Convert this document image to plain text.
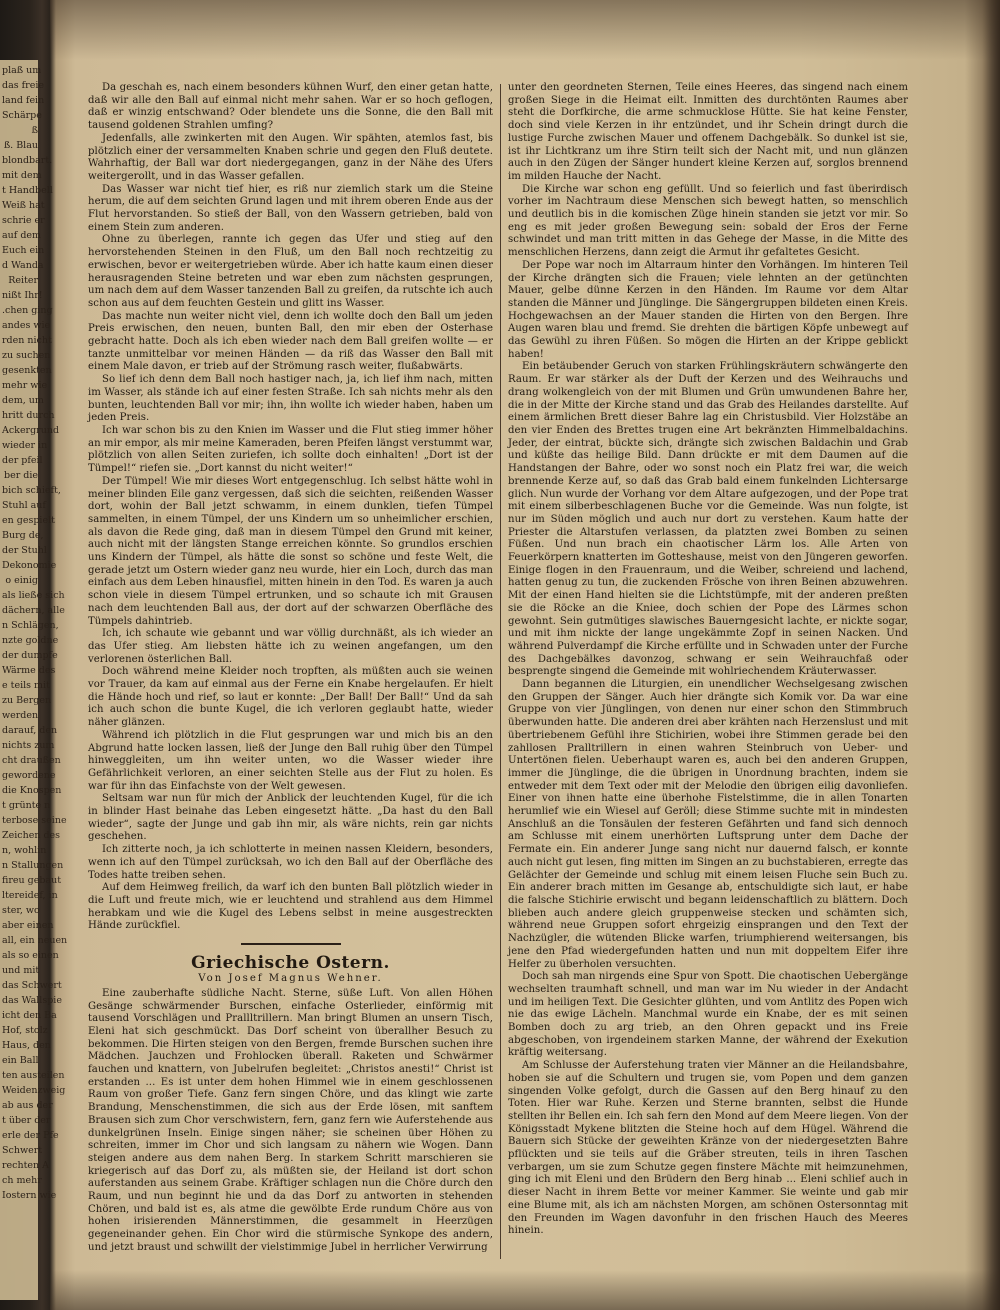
plaß um
das freie
land fein
Schärpe
ß
ß. Blau
blondbart.
mit dem
t Handbell
Weiß hat
schrie er
auf dem
Euch ein
d Wanda
Reiter
nißt Ihr!
.chen ging
andes wie
rden nicht
zu suchen
gesenkten
mehr wie
dem, um
hritt durch
Ackergrund
wieder in
der pfeil
ber die
bich schieft,
Stuhl auf
en gespielt
Burg de,
der Stuhl
Dekonomie
o einig
als ließe sich
dächern, alle
n Schlägen,
nzte goldne
der dumpfe
Wärme des
e teils mit
zu Bergen
werden
darauf, den
nichts zum
cht draußen
gewordene
die Knospen
t grünte n
terbose seine
Zeichen des
n, wohlin
n Stallungen
fireu gebaut
ltereidef, in
ster, wo
aber einen
all, ein neuen
als so einen
und mit
das Schwert
das Wallspie
icht den Ba
Hof, stolz
Haus, den
ein Ball
ten austeilen
Weidenzweig
ab aus der
t über der
erle der Pfe
Schwert
rechten A
ch mehr
Iostern wie

Da geschah es, nach einem besonders kühnen Wurf, den einer getan hatte, daß wir alle den Ball auf einmal nicht mehr sahen. War er so hoch geflogen, daß er winzig entschwand? Oder blendete uns die Sonne, die den Ball mit tausend goldenen Strahlen umfing?

Jedenfalls, alle zwinkerten mit den Augen. Wir spähten, atemlos fast, bis plötzlich einer der versammelten Knaben schrie und gegen den Fluß deutete. Wahrhaftig, der Ball war dort niedergegangen, ganz in der Nähe des Ufers weitergerollt, und in das Wasser gefallen.

Das Wasser war nicht tief hier, es riß nur ziemlich stark um die Steine herum, die auf dem seichten Grund lagen und mit ihrem oberen Ende aus der Flut hervorstanden. So stieß der Ball, von den Wassern getrieben, bald von einem Stein zum anderen.

Ohne zu überlegen, rannte ich gegen das Ufer und stieg auf den hervorstehenden Steinen in den Fluß, um den Ball noch rechtzeitig zu erwischen, bevor er weitergetrieben würde. Aber ich hatte kaum einen dieser herausragenden Steine betreten und war eben zum nächsten gesprungen, um nach dem auf dem Wasser tanzenden Ball zu greifen, da rutschte ich auch schon aus auf dem feuchten Gestein und glitt ins Wasser.

Das machte nun weiter nicht viel, denn ich wollte doch den Ball um jeden Preis erwischen, den neuen, bunten Ball, den mir eben der Osterhase gebracht hatte. Doch als ich eben wieder nach dem Ball greifen wollte — er tanzte unmittelbar vor meinen Händen — da riß das Wasser den Ball mit einem Male davon, er trieb auf der Strömung rasch weiter, flußabwärts.

So lief ich denn dem Ball noch hastiger nach, ja, ich lief ihm nach, mitten im Wasser, als stände ich auf einer festen Straße. Ich sah nichts mehr als den bunten, leuchtenden Ball vor mir; ihn, ihn wollte ich wieder haben, haben um jeden Preis.

Ich war schon bis zu den Knien im Wasser und die Flut stieg immer höher an mir empor, als mir meine Kameraden, beren Pfeifen längst verstummt war, plötzlich von allen Seiten zuriefen, ich sollte doch einhalten! „Dort ist der Tümpel!“ riefen sie. „Dort kannst du nicht weiter!“

Der Tümpel! Wie mir dieses Wort entgegenschlug. Ich selbst hätte wohl in meiner blinden Eile ganz vergessen, daß sich die seichten, reißenden Wasser dort, wohin der Ball jetzt schwamm, in einem dunklen, tiefen Tümpel sammelten, in einem Tümpel, der uns Kindern um so unheimlicher erschien, als davon die Rede ging, daß man in diesem Tümpel den Grund mit keiner, auch nicht mit der längsten Stange erreichen könnte. So grundlos erschien uns Kindern der Tümpel, als hätte die sonst so schöne und feste Welt, die gerade jetzt um Ostern wieder ganz neu wurde, hier ein Loch, durch das man einfach aus dem Leben hinausfiel, mitten hinein in den Tod. Es waren ja auch schon viele in diesem Tümpel ertrunken, und so schaute ich mit Grausen nach dem leuchtenden Ball aus, der dort auf der schwarzen Oberfläche des Tümpels dahintrieb.

Ich, ich schaute wie gebannt und war völlig durchnäßt, als ich wieder an das Ufer stieg. Am liebsten hätte ich zu weinen angefangen, um den verlorenen österlichen Ball.

Doch während meine Kleider noch tropften, als müßten auch sie weinen vor Trauer, da kam auf einmal aus der Ferne ein Knabe hergelaufen. Er hielt die Hände hoch und rief, so laut er konnte: „Der Ball! Der Ball!“ Und da sah ich auch schon die bunte Kugel, die ich verloren geglaubt hatte, wieder näher glänzen.

Während ich plötzlich in die Flut gesprungen war und mich bis an den Abgrund hatte locken lassen, ließ der Junge den Ball ruhig über den Tümpel hinweggleiten, um ihn weiter unten, wo die Wasser wieder ihre Gefährlichkeit verloren, an einer seichten Stelle aus der Flut zu holen. Es war für ihn das Einfachste von der Welt gewesen.

Seltsam war nun für mich der Anblick der leuchtenden Kugel, für die ich in blinder Hast beinahe das Leben eingesetzt hätte. „Da hast du den Ball wieder“, sagte der Junge und gab ihn mir, als wäre nichts, rein gar nichts geschehen.

Ich zitterte noch, ja ich schlotterte in meinen nassen Kleidern, besonders, wenn ich auf den Tümpel zurücksah, wo ich den Ball auf der Oberfläche des Todes hatte treiben sehen.

Auf dem Heimweg freilich, da warf ich den bunten Ball plötzlich wieder in die Luft und freute mich, wie er leuchtend und strahlend aus dem Himmel herabkam und wie die Kugel des Lebens selbst in meine ausgestreckten Hände zurückfiel.

Griechische Ostern.

Von Josef Magnus Wehner.

Eine zauberhafte südliche Nacht. Sterne, süße Luft. Von allen Höhen Gesänge schwärmender Burschen, einfache Osterlieder, einförmig mit tausend Vorschlägen und Prallltrillern. Man bringt Blumen an unsern Tisch, Eleni hat sich geschmückt. Das Dorf scheint von überallher Besuch zu bekommen. Die Hirten steigen von den Bergen, fremde Burschen suchen ihre Mädchen. Jauchzen und Frohlocken überall. Raketen und Schwärmer fauchen und knattern, von Jubelrufen begleitet: „Christos anesti!“ Christ ist erstanden ... Es ist unter dem hohen Himmel wie in einem geschlossenen Raum von großer Tiefe. Ganz fern singen Chöre, und das klingt wie zarte Brandung, Menschenstimmen, die sich aus der Erde lösen, mit sanftem Brausen sich zum Chor verschwistern, fern, ganz fern wie Auferstehende aus dunkelgrünen Inseln. Einige singen näher; sie scheinen über Höhen zu schreiten, immer im Chor und sich langsam zu nähern wie Wogen. Dann steigen andere aus dem nahen Berg. In starkem Schritt marschieren sie kriegerisch auf das Dorf zu, als müßten sie, der Heiland ist dort schon auferstanden aus seinem Grabe. Kräftiger schlagen nun die Chöre durch den Raum, und nun beginnt hie und da das Dorf zu antworten in stehenden Chören, und bald ist es, als atme die gewölbte Erde rundum Chöre aus von hohen irisierenden Männerstimmen, die gesammelt in Heerzügen gegeneinander gehen. Ein Chor wird die stürmische Synkope des andern, und jetzt braust und schwillt der vielstimmige Jubel in herrlicher Verwirrung

unter den geordneten Sternen, Teile eines Heeres, das singend nach einem großen Siege in die Heimat eilt. Inmitten des durchtönten Raumes aber steht die Dorfkirche, die arme schmucklose Hütte. Sie hat keine Fenster, doch sind viele Kerzen in ihr entzündet, und ihr Schein dringt durch die lustige Furche zwischen Mauer und offenem Dachgebälk. So dunkel ist sie, ist ihr Lichtkranz um ihre Stirn teilt sich der Nacht mit, und nun glänzen auch in den Zügen der Sänger hundert kleine Kerzen auf, sorglos brennend im milden Hauche der Nacht.

Die Kirche war schon eng gefüllt. Und so feierlich und fast überirdisch vorher im Nachtraum diese Menschen sich bewegt hatten, so menschlich und deutlich bis in die komischen Züge hinein standen sie jetzt vor mir. So eng es mit jeder großen Bewegung sein: sobald der Eros der Ferne schwindet und man tritt mitten in das Gehege der Masse, in die Mitte des menschlichen Herzens, dann zeigt die Armut ihr gefaltetes Gesicht.

Der Pope war noch im Altarraum hinter den Vorhängen. Im hinteren Teil der Kirche drängten sich die Frauen; viele lehnten an der getünchten Mauer, gelbe dünne Kerzen in den Händen. Im Raume vor dem Altar standen die Männer und Jünglinge. Die Sängergruppen bildeten einen Kreis. Hochgewachsen an der Mauer standen die Hirten von den Bergen. Ihre Augen waren blau und fremd. Sie drehten die bärtigen Köpfe unbewegt auf das Gewühl zu ihren Füßen. So mögen die Hirten an der Krippe geblickt haben!

Ein betäubender Geruch von starken Frühlingskräutern schwängerte den Raum. Er war stärker als der Duft der Kerzen und des Weihrauchs und drang wolkengleich von der mit Blumen und Grün umwundenen Bahre her, die in der Mitte der Kirche stand und das Grab des Heilandes darstellte. Auf einem ärmlichen Brett dieser Bahre lag ein Christusbild. Vier Holzstäbe an den vier Enden des Brettes trugen eine Art bekränzten Himmelbaldachins. Jeder, der eintrat, bückte sich, drängte sich zwischen Baldachin und Grab und küßte das heilige Bild. Dann drückte er mit dem Daumen auf die Handstangen der Bahre, oder wo sonst noch ein Platz frei war, die weich brennende Kerze auf, so daß das Grab bald einem funkelnden Lichtersarge glich. Nun wurde der Vorhang vor dem Altare aufgezogen, und der Pope trat mit einem silberbeschlagenen Buche vor die Gemeinde. Was nun folgte, ist nur im Süden möglich und auch nur dort zu verstehen. Kaum hatte der Priester die Altarstufen verlassen, da platzten zwei Bomben zu seinen Füßen. Und nun brach ein chaotischer Lärm los. Alle Arten von Feuerkörpern knatterten im Gotteshause, meist von den Jüngeren geworfen. Einige flogen in den Frauenraum, und die Weiber, schreiend und lachend, hatten genug zu tun, die zuckenden Frösche von ihren Beinen abzuwehren. Mit der einen Hand hielten sie die Lichtstümpfe, mit der anderen preßten sie die Röcke an die Kniee, doch schien der Pope des Lärmes schon gewohnt. Sein gutmütiges slawisches Bauerngesicht lachte, er nickte sogar, und mit ihm nickte der lange ungekämmte Zopf in seinen Nacken. Und während Pulverdampf die Kirche erfüllte und in Schwaden unter der Furche des Dachgebälkes davonzog, schwang er sein Weihrauchfaß oder besprengte singend die Gemeinde mit wohlriechendem Kräuterwasser.

Dann begannen die Liturgien, ein unendlicher Wechselgesang zwischen den Gruppen der Sänger. Auch hier drängte sich Komik vor. Da war eine Gruppe von vier Jünglingen, von denen nur einer schon den Stimmbruch überwunden hatte. Die anderen drei aber krähten nach Herzenslust und mit übertriebenem Gefühl ihre Stichirien, wobei ihre Stimmen gerade bei den zahllosen Pralltrillern in einen wahren Steinbruch von Ueber- und Untertönen fielen. Ueberhaupt waren es, auch bei den anderen Gruppen, immer die Jünglinge, die die übrigen in Unordnung brachten, indem sie entweder mit dem Text oder mit der Melodie den übrigen eilig davonliefen. Einer von ihnen hatte eine überhohe Fistelstimme, die in allen Tonarten herumlief wie ein Wiesel auf Geröll; diese Stimme suchte mit in mindesten Anschluß an die Tonsäulen der festeren Gefährten und fand sich dennoch am Schlusse mit einem unerhörten Luftsprung unter dem Dache der Fermate ein. Ein anderer Junge sang nicht nur dauernd falsch, er konnte auch nicht gut lesen, fing mitten im Singen an zu buchstabieren, erregte das Gelächter der Gemeinde und schlug mit einem leisen Fluche sein Buch zu. Ein anderer brach mitten im Gesange ab, entschuldigte sich laut, er habe die falsche Stichirie erwischt und begann leidenschaftlich zu blättern. Doch blieben auch andere gleich gruppenweise stecken und schämten sich, während neue Gruppen sofort ehrgeizig einsprangen und den Text der Nachzügler, die wütenden Blicke warfen, triumphierend weitersangen, bis jene den Pfad wiedergefunden hatten und nun mit doppeltem Eifer ihre Helfer zu überholen versuchten.

Doch sah man nirgends eine Spur von Spott. Die chaotischen Uebergänge wechselten traumhaft schnell, und man war im Nu wieder in der Andacht und im heiligen Text. Die Gesichter glühten, und vom Antlitz des Popen wich nie das ewige Lächeln. Manchmal wurde ein Knabe, der es mit seinen Bomben doch zu arg trieb, an den Ohren gepackt und ins Freie abgeschoben, von irgendeinem starken Manne, der während der Exekution kräftig weitersang.

Am Schlusse der Auferstehung traten vier Männer an die Heilandsbahre, hoben sie auf die Schultern und trugen sie, vom Popen und dem ganzen singenden Volke gefolgt, durch die Gassen auf den Berg hinauf zu den Toten. Hier war Ruhe. Kerzen und Sterne brannten, selbst die Hunde stellten ihr Bellen ein. Ich sah fern den Mond auf dem Meere liegen. Von der Königsstadt Mykene blitzten die Steine hoch auf dem Hügel. Während die Bauern sich Stücke der geweihten Kränze von der niedergesetzten Bahre pflückten und sie teils auf die Gräber streuten, teils in ihren Taschen verbargen, um sie zum Schutze gegen finstere Mächte mit heimzunehmen, ging ich mit Eleni und den Brüdern den Berg hinab ... Eleni schlief auch in dieser Nacht in ihrem Bette vor meiner Kammer. Sie weinte und gab mir eine Blume mit, als ich am nächsten Morgen, am schönen Ostersonntag mit den Freunden im Wagen davonfuhr in den frischen Hauch des Meeres hinein.
